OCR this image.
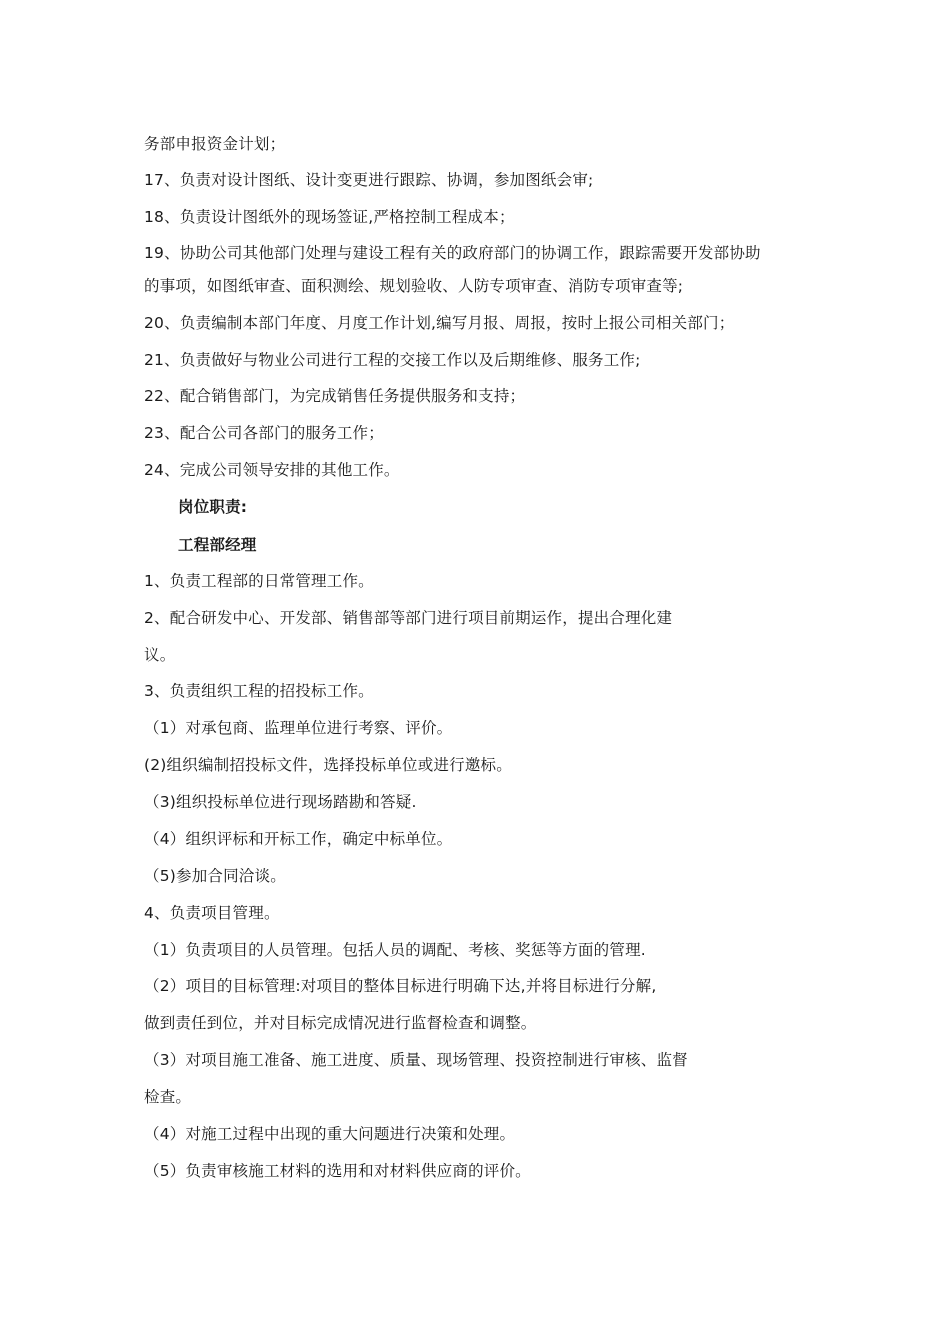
务部申报资金计划；
17、负责对设计图纸、设计变更进行跟踪、协调，参加图纸会审;
18、负责设计图纸外的现场签证,严格控制工程成本；
19、协助公司其他部门处理与建设工程有关的政府部门的协调工作，跟踪需要开发部协助
的事项，如图纸审查、面积测绘、规划验收、人防专项审查、消防专项审查等;
20、负责编制本部门年度、月度工作计划,编写月报、周报，按时上报公司相关部门；
21、负责做好与物业公司进行工程的交接工作以及后期维修、服务工作;
22、配合销售部门，为完成销售任务提供服务和支持；
23、配合公司各部门的服务工作；
24、完成公司领导安排的其他工作。
岗位职责:
工程部经理
1、负责工程部的日常管理工作。
2、配合研发中心、开发部、销售部等部门进行项目前期运作，提出合理化建
议。
3、负责组织工程的招投标工作。
（1）对承包商、监理单位进行考察、评价。
(2)组织编制招投标文件，选择投标单位或进行邀标。
（3)组织投标单位进行现场踏勘和答疑.
（4）组织评标和开标工作，确定中标单位。
（5)参加合同洽谈。
4、负责项目管理。
（1）负责项目的人员管理。包括人员的调配、考核、奖惩等方面的管理.
（2）项目的目标管理:对项目的整体目标进行明确下达,并将目标进行分解,
做到责任到位，并对目标完成情况进行监督检查和调整。
（3）对项目施工准备、施工进度、质量、现场管理、投资控制进行审核、监督
检查。
（4）对施工过程中出现的重大问题进行决策和处理。
（5）负责审核施工材料的选用和对材料供应商的评价。
